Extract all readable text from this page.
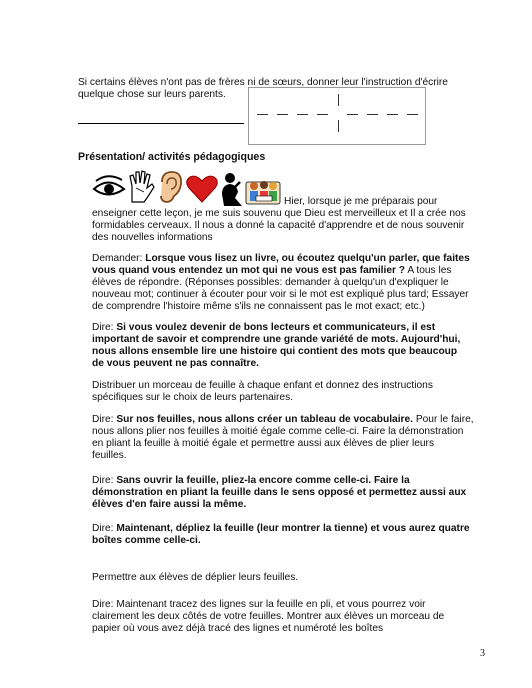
Si certains élèves n'ont pas de frères ni de sœurs, donner leur l'instruction d'écrire
quelque chose sur leurs parents.
Présentation/ activités pédagogiques
Hier, lorsque je me préparais pour
enseigner cette leçon, je me suis souvenu que Dieu est merveilleux et Il a crée nos
formidables cerveaux. Il nous a donné la capacité d'apprendre et de nous souvenir
des nouvelles informations
Demander: Lorsque vous lisez un livre, ou écoutez quelqu'un parler, que faites
vous quand vous entendez un mot qui ne vous est pas familier ? A tous les
élèves de répondre. (Réponses possibles: demander à quelqu'un d'expliquer le
nouveau mot; continuer à écouter pour voir si le mot est expliqué plus tard; Essayer
de comprendre l'histoire même s'ils ne connaissent pas le mot exact; etc.)
Dire: Si vous voulez devenir de bons lecteurs et communicateurs, il est
important de savoir et comprendre une grande variété de mots. Aujourd'hui,
nous allons ensemble lire une histoire qui contient des mots que beaucoup
de vous peuvent ne pas connaître.
Distribuer un morceau de feuille à chaque enfant et donnez des instructions
spécifiques sur le choix de leurs partenaires.
Dire: Sur nos feuilles, nous allons créer un tableau de vocabulaire. Pour le faire,
nous allons plier nos feuilles à moitié égale comme celle-ci. Faire la démonstration
en pliant la feuille à moitié égale et permettre aussi aux élèves de plier leurs
feuilles.
Dire: Sans ouvrir la feuille, pliez-la encore comme celle-ci. Faire la
démonstration en pliant la feuille dans le sens opposé et permettez aussi aux
élèves d'en faire aussi la même.
Dire: Maintenant, dépliez la feuille (leur montrer la tienne) et vous aurez quatre
boîtes comme celle-ci.
Permettre aux élèves de déplier leurs feuilles.
Dire: Maintenant tracez des lignes sur la feuille en pli, et vous pourrez voir
clairement les deux côtés de votre feuilles. Montrer aux élèves un morceau de
papier où vous avez déjà tracé des lignes et numéroté les boîtes
3
